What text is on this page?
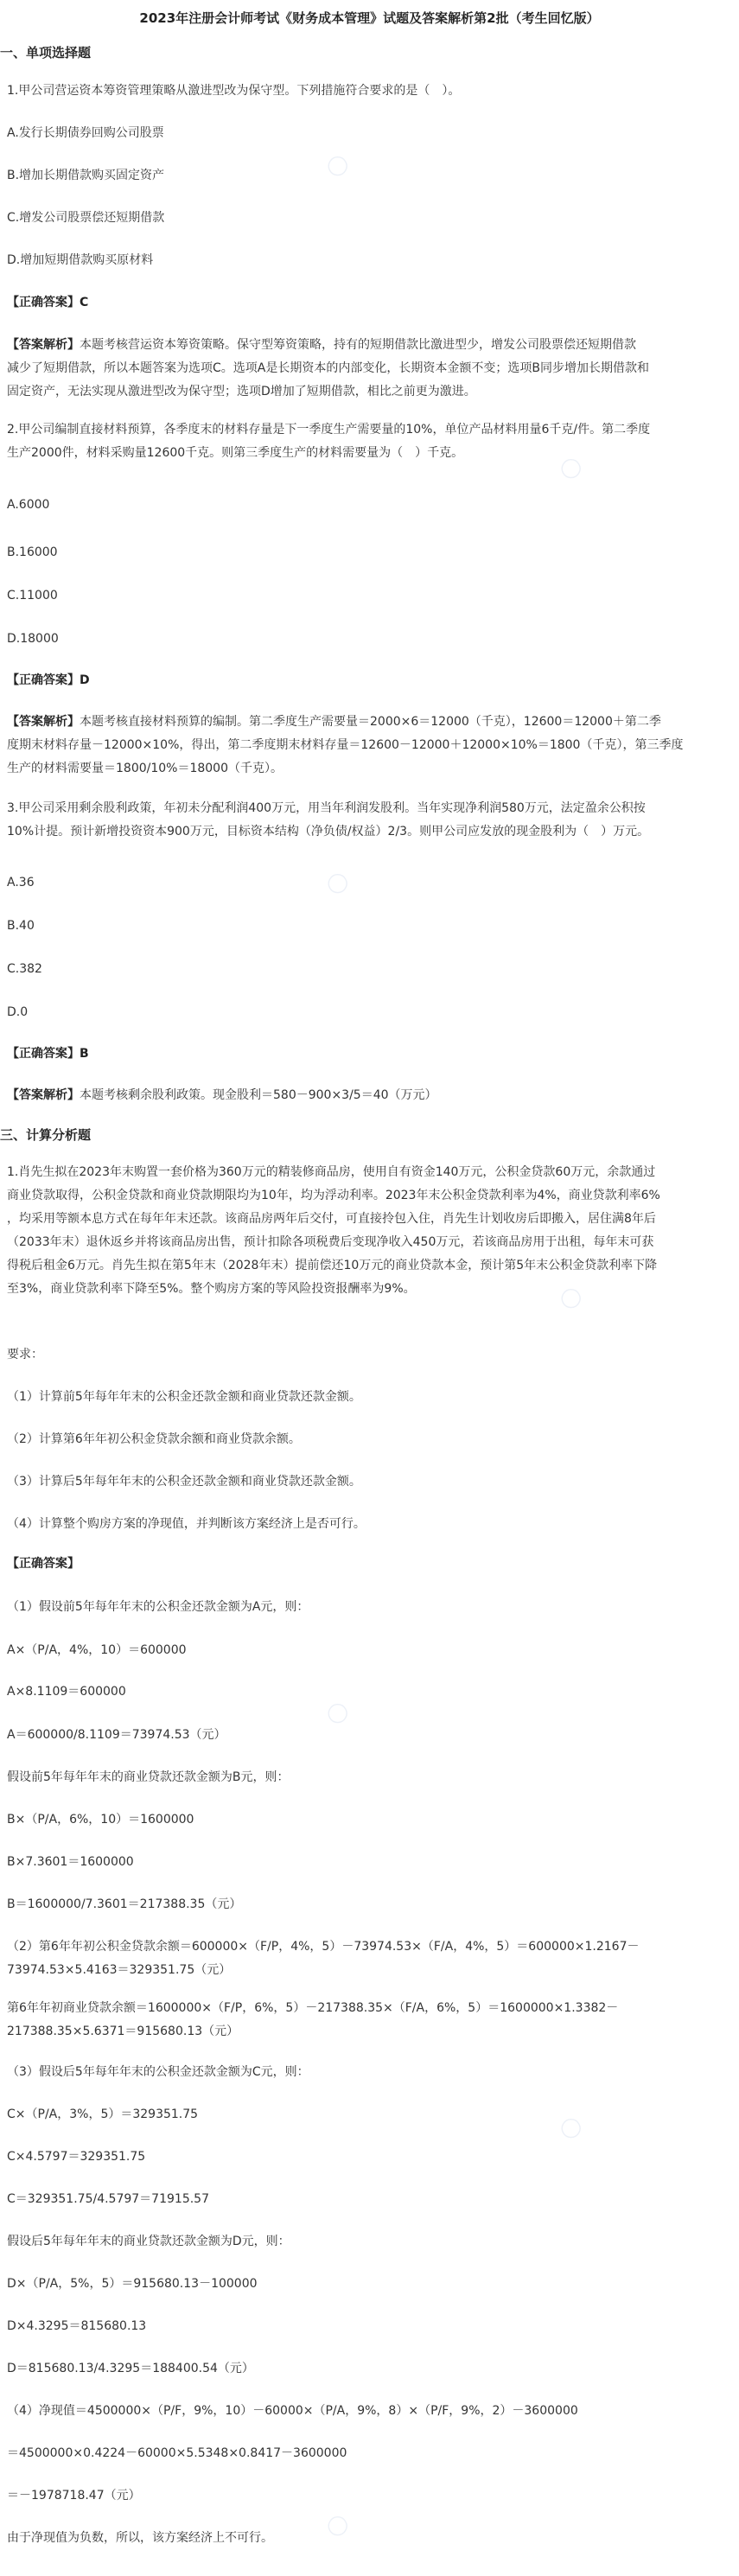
2023年注册会计师考试《财务成本管理》试题及答案解析第2批（考生回忆版）
一、单项选择题
1.甲公司营运资本筹资管理策略从激进型改为保守型。下列措施符合要求的是（　）。
A.发行长期债券回购公司股票
B.增加长期借款购买固定资产
C.增发公司股票偿还短期借款
D.增加短期借款购买原材料
【正确答案】C
【答案解析】本题考核营运资本筹资策略。保守型筹资策略，持有的短期借款比激进型少，增发公司股票偿还短期借款
减少了短期借款，所以本题答案为选项C。选项A是长期资本的内部变化，长期资本金额不变；选项B同步增加长期借款和
固定资产，无法实现从激进型改为保守型；选项D增加了短期借款，相比之前更为激进。
2.甲公司编制直接材料预算，各季度末的材料存量是下一季度生产需要量的10%，单位产品材料用量6千克/件。第二季度
生产2000件，材料采购量12600千克。则第三季度生产的材料需要量为（　）千克。
A.6000
B.16000
C.11000
D.18000
【正确答案】D
【答案解析】本题考核直接材料预算的编制。第二季度生产需要量＝2000×6＝12000（千克），12600＝12000＋第二季
度期末材料存量－12000×10%，得出，第二季度期末材料存量＝12600－12000＋12000×10%＝1800（千克），第三季度
生产的材料需要量＝1800/10%＝18000（千克）。
3.甲公司采用剩余股利政策，年初未分配利润400万元，用当年利润发股利。当年实现净利润580万元，法定盈余公积按
10%计提。预计新增投资资本900万元，目标资本结构（净负债/权益）2/3。则甲公司应发放的现金股利为（　）万元。
A.36
B.40
C.382
D.0
【正确答案】B
【答案解析】本题考核剩余股利政策。现金股利＝580－900×3/5＝40（万元）
三、计算分析题
1.肖先生拟在2023年末购置一套价格为360万元的精装修商品房，使用自有资金140万元，公积金贷款60万元，余款通过
商业贷款取得，公积金贷款和商业贷款期限均为10年，均为浮动利率。2023年末公积金贷款利率为4%，商业贷款利率6%
，均采用等额本息方式在每年年末还款。该商品房两年后交付，可直接拎包入住，肖先生计划收房后即搬入，居住满8年后
（2033年末）退休返乡并将该商品房出售，预计扣除各项税费后变现净收入450万元，若该商品房用于出租，每年末可获
得税后租金6万元。肖先生拟在第5年末（2028年末）提前偿还10万元的商业贷款本金，预计第5年末公积金贷款利率下降
至3%，商业贷款利率下降至5%。整个购房方案的等风险投资报酬率为9%。
要求：
（1）计算前5年每年年末的公积金还款金额和商业贷款还款金额。
（2）计算第6年年初公积金贷款余额和商业贷款余额。
（3）计算后5年每年年末的公积金还款金额和商业贷款还款金额。
（4）计算整个购房方案的净现值，并判断该方案经济上是否可行。
【正确答案】
（1）假设前5年每年年末的公积金还款金额为A元，则：
A×（P/A，4%，10）＝600000
A×8.1109＝600000
A＝600000/8.1109＝73974.53（元）
假设前5年每年年末的商业贷款还款金额为B元，则：
B×（P/A，6%，10）＝1600000
B×7.3601＝1600000
B＝1600000/7.3601＝217388.35（元）
（2）第6年年初公积金贷款余额＝600000×（F/P，4%，5）－73974.53×（F/A，4%，5）＝600000×1.2167－
73974.53×5.4163＝329351.75（元）
第6年年初商业贷款余额＝1600000×（F/P，6%，5）－217388.35×（F/A，6%，5）＝1600000×1.3382－
217388.35×5.6371＝915680.13（元）
（3）假设后5年每年年末的公积金还款金额为C元，则：
C×（P/A，3%，5）＝329351.75
C×4.5797＝329351.75
C＝329351.75/4.5797＝71915.57
假设后5年每年年末的商业贷款还款金额为D元，则：
D×（P/A，5%，5）＝915680.13－100000
D×4.3295＝815680.13
D＝815680.13/4.3295＝188400.54（元）
（4）净现值＝4500000×（P/F，9%，10）－60000×（P/A，9%，8）×（P/F，9%，2）－3600000
＝4500000×0.4224－60000×5.5348×0.8417－3600000
＝－1978718.47（元）
由于净现值为负数，所以，该方案经济上不可行。
◯
◯
◯
◯
◯
◯
◯
